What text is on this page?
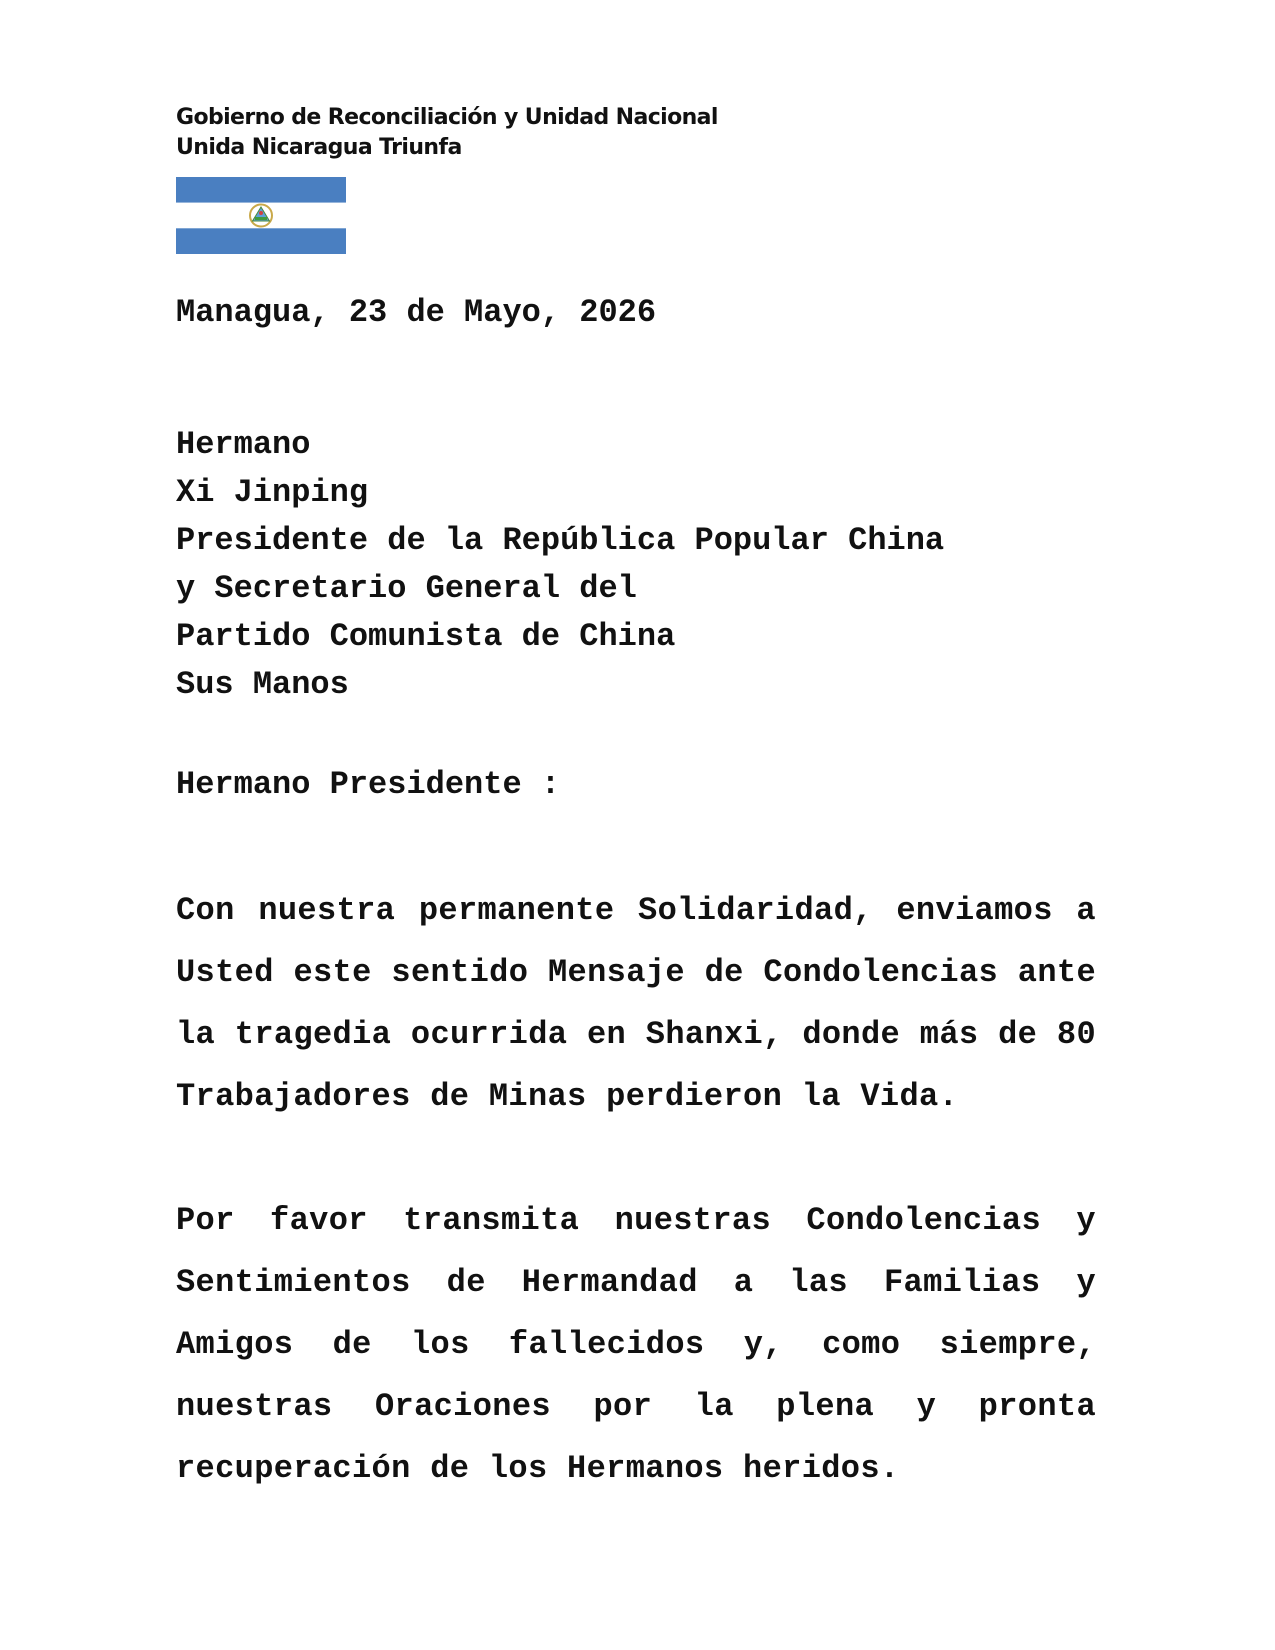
Gobierno de Reconciliación y Unidad Nacional
Unida Nicaragua Triunfa
Managua, 23 de Mayo, 2026
Hermano
Xi Jinping
Presidente de la República Popular China
y Secretario General del
Partido Comunista de China
Sus Manos
Hermano Presidente :
Con nuestra permanente Solidaridad, enviamos a Usted este sentido Mensaje de Condolencias ante la tragedia ocurrida en Shanxi, donde más de 80 Trabajadores de Minas perdieron la Vida.
Por favor transmita nuestras Condolencias y Sentimientos de Hermandad a las Familias y Amigos de los fallecidos y, como siempre, nuestras Oraciones por la plena y pronta recuperación de los Hermanos heridos.
